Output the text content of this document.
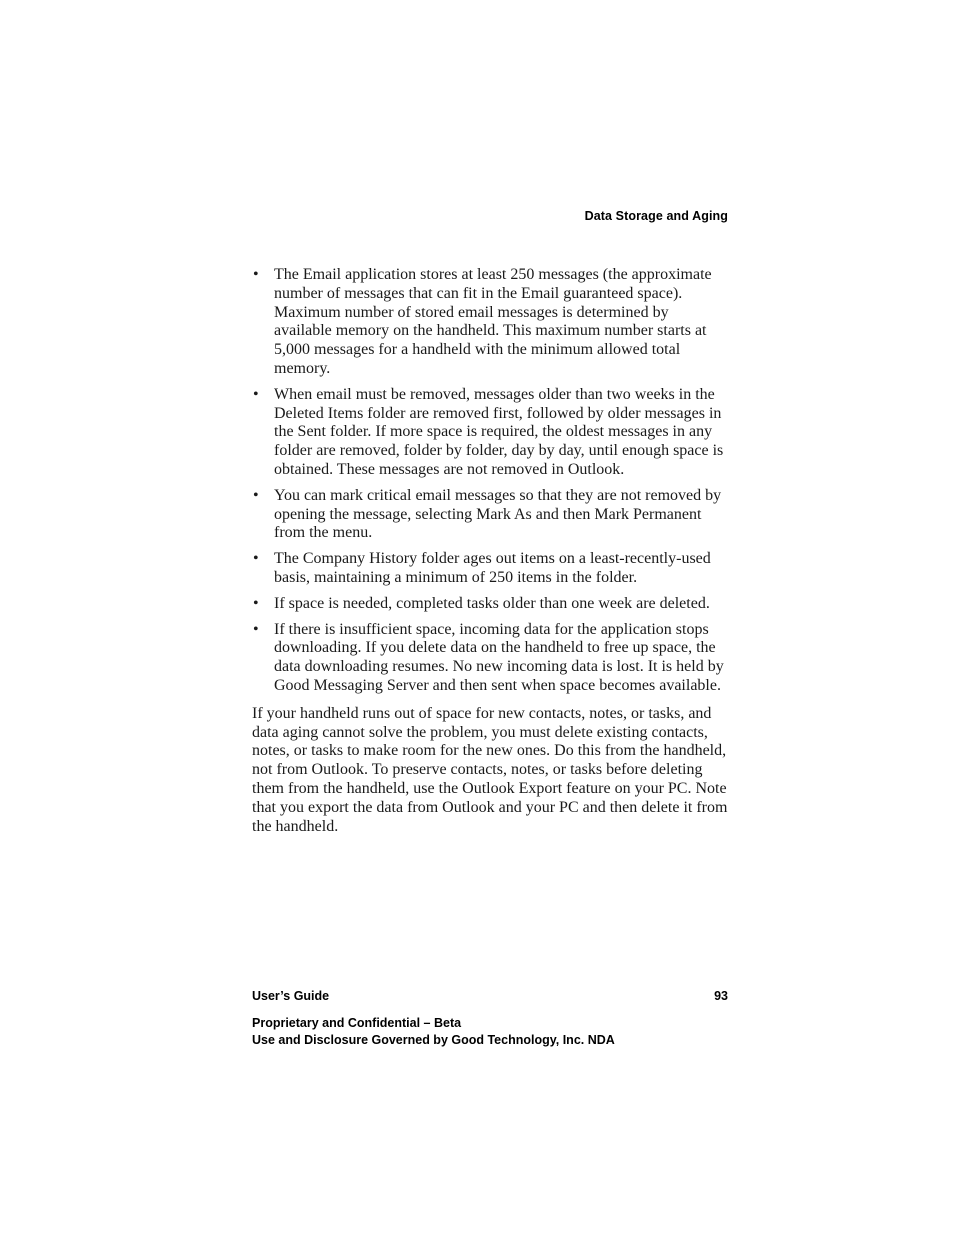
Data Storage and Aging
• The Email application stores at least 250 messages (the approximate number of messages that can fit in the Email guaranteed space). Maximum number of stored email messages is determined by available memory on the handheld. This maximum number starts at 5,000 messages for a handheld with the minimum allowed total memory.
• When email must be removed, messages older than two weeks in the Deleted Items folder are removed first, followed by older messages in the Sent folder. If more space is required, the oldest messages in any folder are removed, folder by folder, day by day, until enough space is obtained. These messages are not removed in Outlook.
• You can mark critical email messages so that they are not removed by opening the message, selecting Mark As and then Mark Permanent from the menu.
• The Company History folder ages out items on a least-recently-used basis, maintaining a minimum of 250 items in the folder.
• If space is needed, completed tasks older than one week are deleted.
• If there is insufficient space, incoming data for the application stops downloading. If you delete data on the handheld to free up space, the data downloading resumes. No new incoming data is lost. It is held by Good Messaging Server and then sent when space becomes available.

If your handheld runs out of space for new contacts, notes, or tasks, and data aging cannot solve the problem, you must delete existing contacts, notes, or tasks to make room for the new ones. Do this from the handheld, not from Outlook. To preserve contacts, notes, or tasks before deleting them from the handheld, use the Outlook Export feature on your PC. Note that you export the data from Outlook and your PC and then delete it from the handheld.

User’s Guide	93
Proprietary and Confidential – Beta
Use and Disclosure Governed by Good Technology, Inc. NDA
